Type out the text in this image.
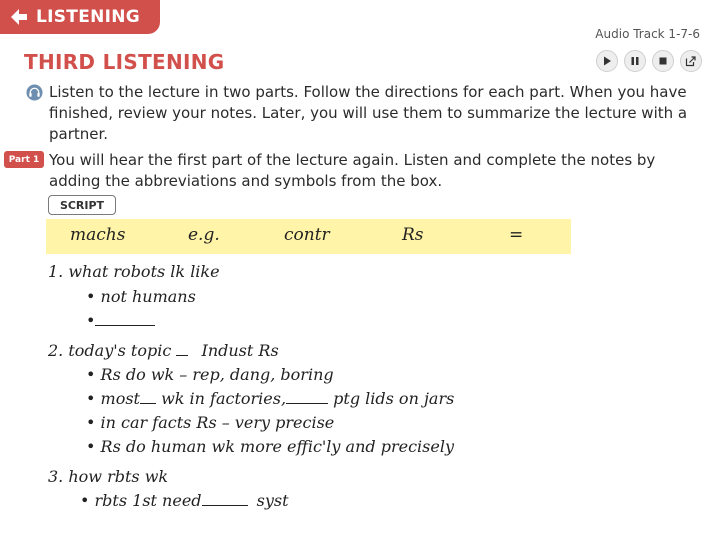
LISTENING
Audio Track 1-7-6
THIRD LISTENING
Listen to the lecture in two parts. Follow the directions for each part. When you have finished, review your notes. Later, you will use them to summarize the lecture with a partner.
Part 1 You will hear the first part of the lecture again. Listen and complete the notes by adding the abbreviations and symbols from the box.
SCRIPT
machs	e.g.	contr	Rs	=
1. what robots lk like
• not humans
•
2. today's topic Indust Rs
• Rs do wk – rep, dang, boring
• most wk in factories,	ptg lids on jars
• in car facts Rs – very precise
• Rs do human wk more effic'ly and precisely
3. how rbts wk
• rbts 1st need	syst
